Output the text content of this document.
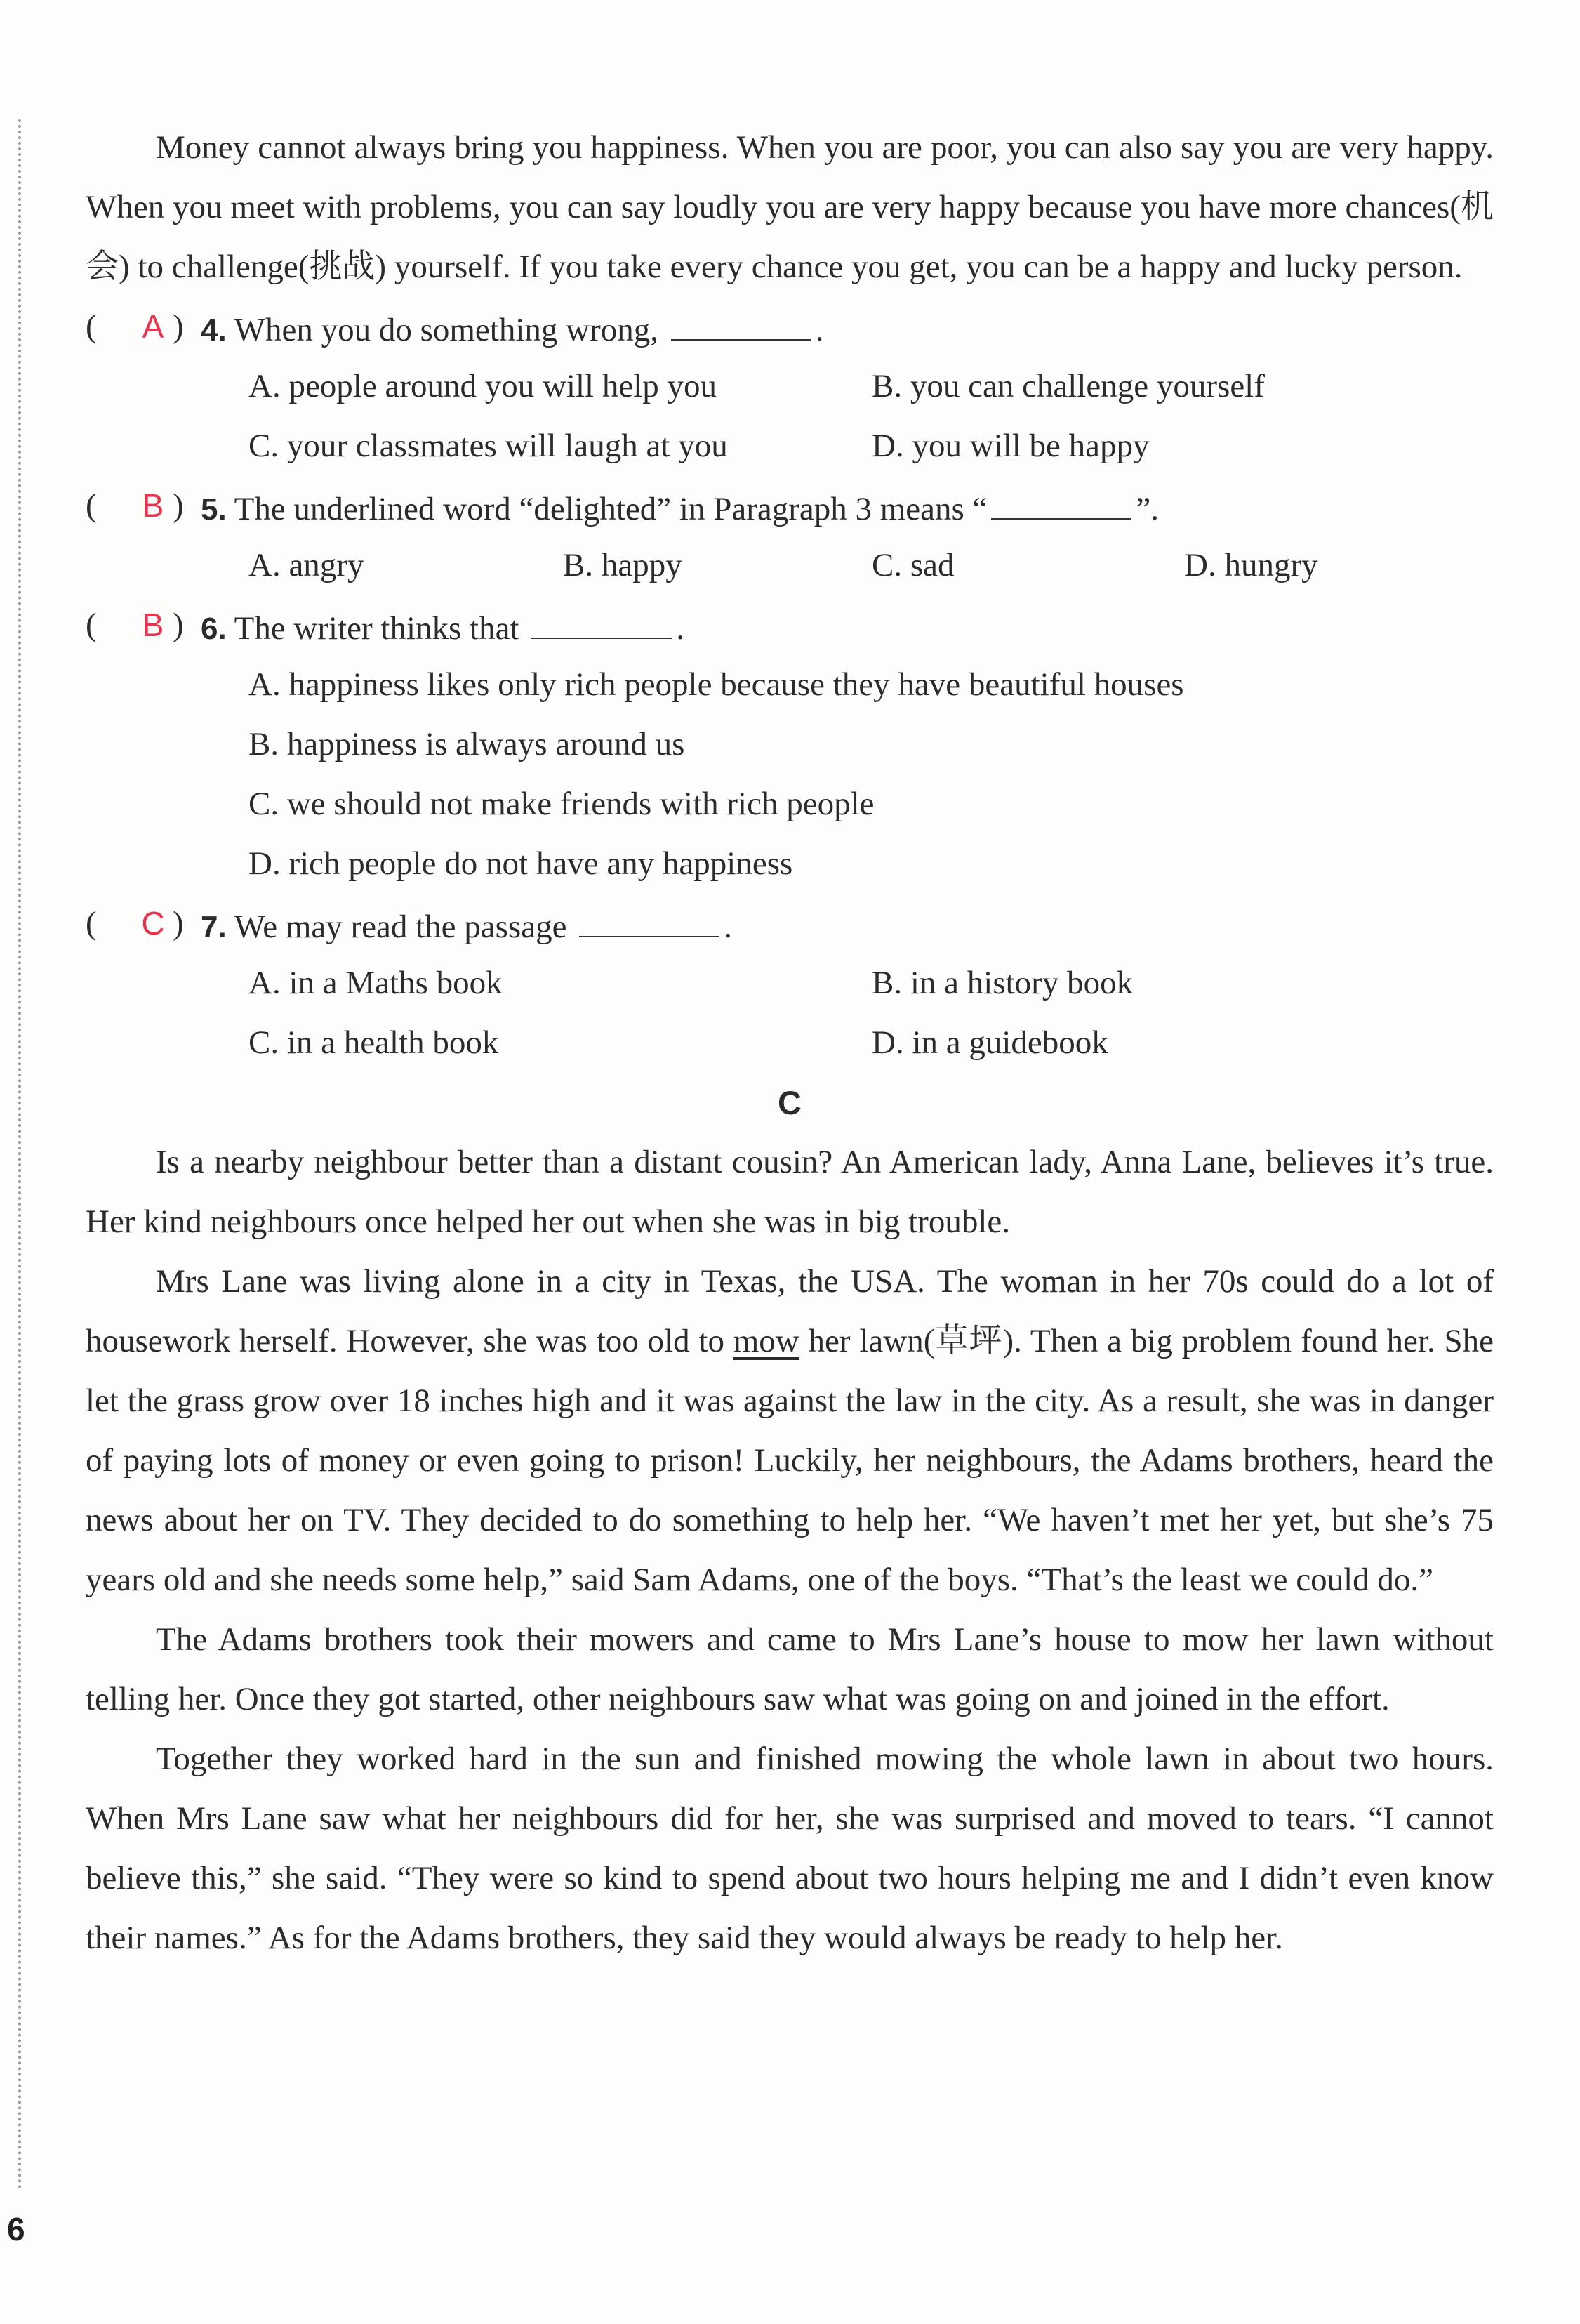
Money cannot always bring you happiness. When you are poor, you can also say you are very happy. When you meet with problems, you can say loudly you are very happy because you have more chances(机会) to challenge(挑战) yourself. If you take every chance you get, you can be a happy and lucky person.

(	A ) 4. When you do something wrong,	.
A. people around you will help you	B. you can challenge yourself
C. your classmates will laugh at you	D. you will be happy
(	B ) 5. The underlined word “delighted” in Paragraph 3 means “	”.
A. angry	B. happy	C. sad	D. hungry
(	B ) 6. The writer thinks that	.
A. happiness likes only rich people because they have beautiful houses
B. happiness is always around us
C. we should not make friends with rich people
D. rich people do not have any happiness
(	C ) 7. We may read the passage	.
A. in a Maths book	B. in a history book
C. in a health book	D. in a guidebook
C

Is a nearby neighbour better than a distant cousin? An American lady, Anna Lane, believes it’s true. Her kind neighbours once helped her out when she was in big trouble.

Mrs Lane was living alone in a city in Texas, the USA. The woman in her 70s could do a lot of housework herself. However, she was too old to mow her lawn(草坪). Then a big problem found her. She let the grass grow over 18 inches high and it was against the law in the city. As a result, she was in danger of paying lots of money or even going to prison! Luckily, her neighbours, the Adams brothers, heard the news about her on TV. They decided to do something to help her. “We haven’t met her yet, but she’s 75 years old and she needs some help,” said Sam Adams, one of the boys. “That’s the least we could do.”

The Adams brothers took their mowers and came to Mrs Lane’s house to mow her lawn without telling her. Once they got started, other neighbours saw what was going on and joined in the effort.

Together they worked hard in the sun and finished mowing the whole lawn in about two hours. When Mrs Lane saw what her neighbours did for her, she was surprised and moved to tears. “I cannot believe this,” she said. “They were so kind to spend about two hours helping me and I didn’t even know their names.” As for the Adams brothers, they said they would always be ready to help her.

6
